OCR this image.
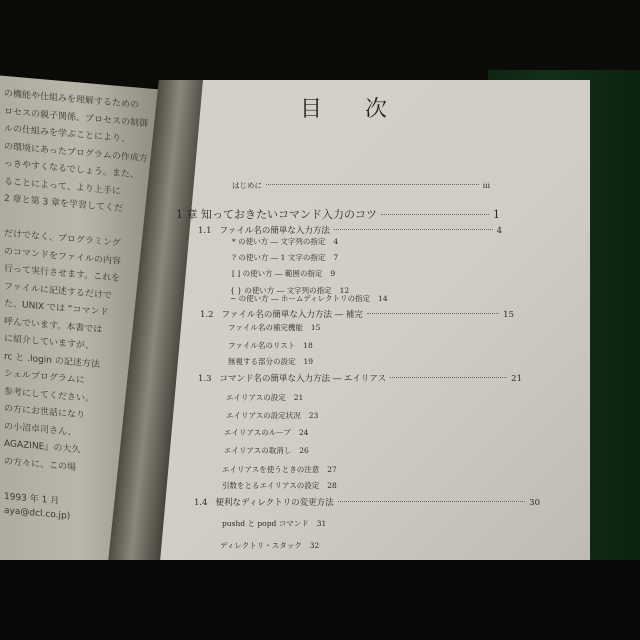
の機能や仕組みを理解するための
ロセスの親子関係、プロセスの制御
ルの仕組みを学ぶことにより、
の環境にあったプログラムの作成方
っきやすくなるでしょう。また、
ることによって、より上手に
2 章と第 3 章を学習してくだ
だけでなく、プログラミング
のコマンドをファイルの内容
行って実行させます。これを
ファイルに記述するだけで
た、UNIX では “コマンド
呼んでいます。本書では
に紹介していますが、
rc と .login の記述方法
シェルプログラムに
参考にしてください。
の方にお世話になり
の小沼卓司さん、
AGAZINE』の大久
の方々に、この場
1993 年 1 月
aya@dcl.co.jp)
目 次
はじめに	iii
1 章 知っておきたいコマンド入力のコツ	1
1.1 ファイル名の簡単な入力方法	4
* の使い方 ― 文字列の指定 4
? の使い方 ― 1 文字の指定 7
[ ] の使い方 ― 範囲の指定 9
{ } の使い方 ― 文字列の指定 12
~ の使い方 ― ホームディレクトリの指定 14
1.2 ファイル名の簡単な入力方法 ― 補完	15
ファイル名の補完機能 15
ファイル名のリスト 18
無視する部分の設定 19
1.3 コマンド名の簡単な入力方法 ― エイリアス	21
エイリアスの設定 21
エイリアスの設定状況 23
エイリアスのループ 24
エイリアスの取消し 26
エイリアスを使うときの注意 27
引数をとるエイリアスの設定 28
1.4 便利なディレクトリの変更方法	30
pushd と popd コマンド 31
ディレクトリ・スタック 32
